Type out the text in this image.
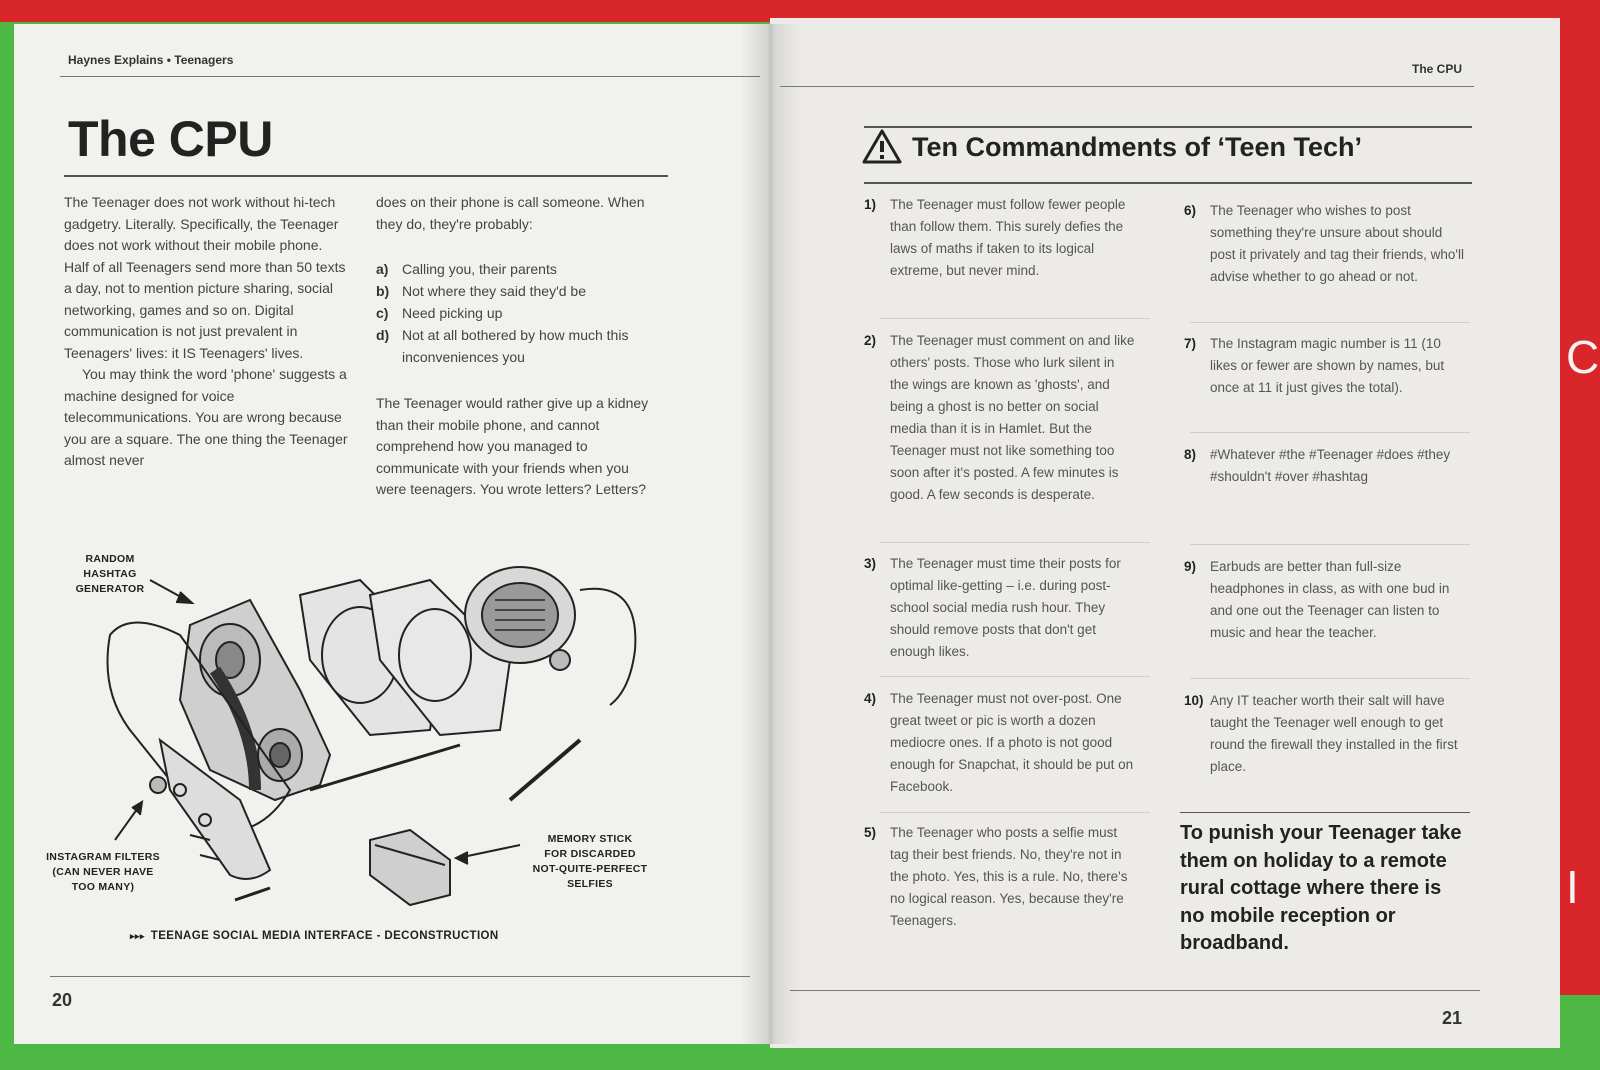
C
I
Haynes Explains • Teenagers
The CPU

The Teenager does not work without hi-tech gadgetry. Literally. Specifically, the Teenager does not work without their mobile phone. Half of all Teenagers send more than 50 texts a day, not to mention picture sharing, social networking, games and so on. Digital communication is not just prevalent in Teenagers' lives: it IS Teenagers' lives.

You may think the word 'phone' suggests a machine designed for voice telecommunications. You are wrong because you are a square. The one thing the Teenager almost never

does on their phone is call someone. When they do, they're probably:
a) Calling you, their parents
b) Not where they said they'd be
c) Need picking up
d) Not at all bothered by how much this inconveniences you
The Teenager would rather give up a kidney than their mobile phone, and cannot comprehend how you managed to communicate with your friends when you were teenagers. You wrote letters? Letters?
RANDOM
HASHTAG
GENERATOR
INSTAGRAM FILTERS
(CAN NEVER HAVE
TOO MANY)
MEMORY STICK
FOR DISCARDED
NOT-QUITE-PERFECT
SELFIES
▸▸▸ TEENAGE SOCIAL MEDIA INTERFACE - DECONSTRUCTION
20
The CPU
Ten Commandments of ‘Teen Tech’
1)	The Teenager must follow fewer people than follow them. This surely defies the laws of maths if taken to its logical extreme, but never mind.
2)	The Teenager must comment on and like others' posts. Those who lurk silent in the wings are known as 'ghosts', and being a ghost is no better on social media than it is in Hamlet. But the Teenager must not like something too soon after it's posted. A few minutes is good. A few seconds is desperate.
3)	The Teenager must time their posts for optimal like-getting – i.e. during post-school social media rush hour. They should remove posts that don't get enough likes.
4)	The Teenager must not over-post. One great tweet or pic is worth a dozen mediocre ones. If a photo is not good enough for Snapchat, it should be put on Facebook.
5)	The Teenager who posts a selfie must tag their best friends. No, they're not in the photo. Yes, this is a rule. No, there's no logical reason. Yes, because they're Teenagers.
6)	The Teenager who wishes to post something they're unsure about should post it privately and tag their friends, who'll advise whether to go ahead or not.
7)	The Instagram magic number is 11 (10 likes or fewer are shown by names, but once at 11 it just gives the total).
8)	#Whatever #the #Teenager #does #they #shouldn't #over #hashtag
9)	Earbuds are better than full-size headphones in class, as with one bud in and one out the Teenager can listen to music and hear the teacher.
10) Any IT teacher worth their salt will have taught the Teenager well enough to get round the firewall they installed in the first place.
To punish your Teenager take them on holiday to a remote rural cottage where there is no mobile reception or broadband.
21
